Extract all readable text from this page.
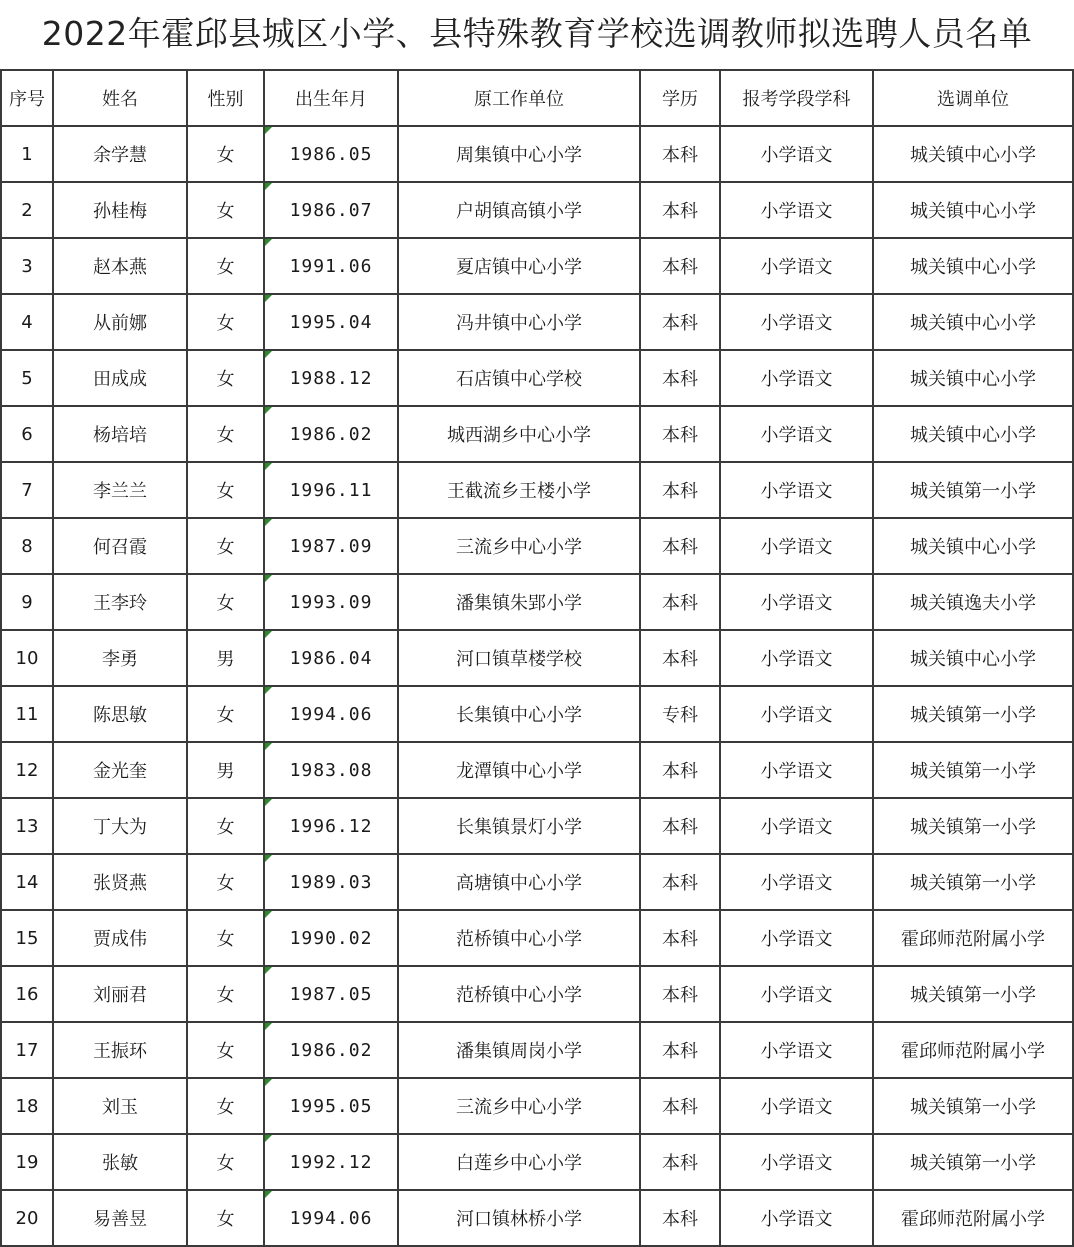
2022年霍邱县城区小学、县特殊教育学校选调教师拟选聘人员名单
序号	姓名	性别	出生年月	原工作单位	学历	报考学段学科	选调单位
1	余学慧	女	1986.05	周集镇中心小学	本科	小学语文	城关镇中心小学
2	孙桂梅	女	1986.07	户胡镇高镇小学	本科	小学语文	城关镇中心小学
3	赵本燕	女	1991.06	夏店镇中心小学	本科	小学语文	城关镇中心小学
4	从前娜	女	1995.04	冯井镇中心小学	本科	小学语文	城关镇中心小学
5	田成成	女	1988.12	石店镇中心学校	本科	小学语文	城关镇中心小学
6	杨培培	女	1986.02	城西湖乡中心小学	本科	小学语文	城关镇中心小学
7	李兰兰	女	1996.11	王截流乡王楼小学	本科	小学语文	城关镇第一小学
8	何召霞	女	1987.09	三流乡中心小学	本科	小学语文	城关镇中心小学
9	王李玲	女	1993.09	潘集镇朱郢小学	本科	小学语文	城关镇逸夫小学
10	李勇	男	1986.04	河口镇草楼学校	本科	小学语文	城关镇中心小学
11	陈思敏	女	1994.06	长集镇中心小学	专科	小学语文	城关镇第一小学
12	金光奎	男	1983.08	龙潭镇中心小学	本科	小学语文	城关镇第一小学
13	丁大为	女	1996.12	长集镇景灯小学	本科	小学语文	城关镇第一小学
14	张贤燕	女	1989.03	高塘镇中心小学	本科	小学语文	城关镇第一小学
15	贾成伟	女	1990.02	范桥镇中心小学	本科	小学语文	霍邱师范附属小学
16	刘丽君	女	1987.05	范桥镇中心小学	本科	小学语文	城关镇第一小学
17	王振环	女	1986.02	潘集镇周岗小学	本科	小学语文	霍邱师范附属小学
18	刘玉	女	1995.05	三流乡中心小学	本科	小学语文	城关镇第一小学
19	张敏	女	1992.12	白莲乡中心小学	本科	小学语文	城关镇第一小学
20	易善昱	女	1994.06	河口镇林桥小学	本科	小学语文	霍邱师范附属小学
